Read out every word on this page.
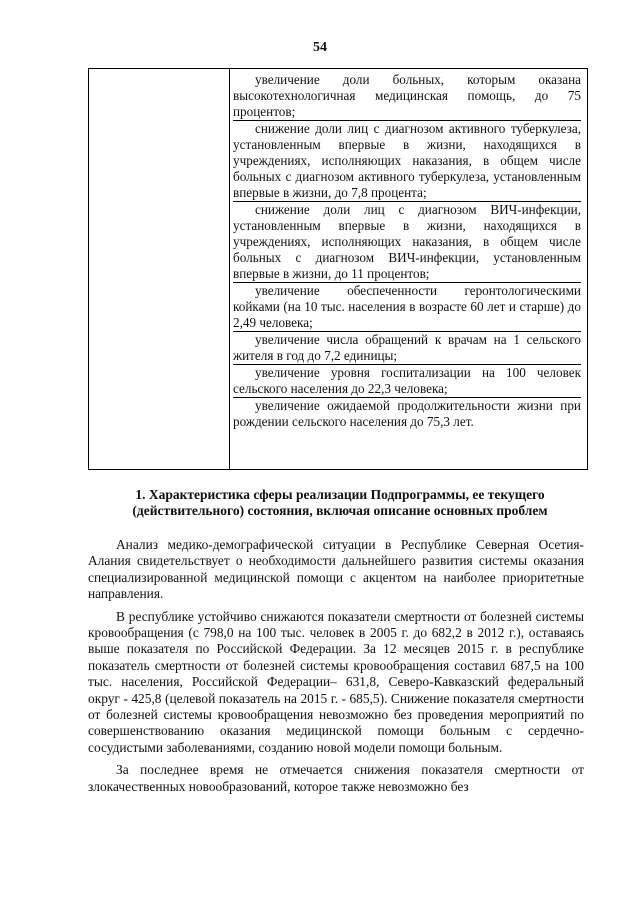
54

увеличение доли больных, которым оказана высокотехнологичная медицинская помощь, до 75 процентов;

снижение доли лиц с диагнозом активного туберкулеза, установленным впервые в жизни, находящихся в учреждениях, исполняющих наказания, в общем числе больных с диагнозом активного туберкулеза, установленным впервые в жизни, до 7,8 процента;

снижение доли лиц с диагнозом ВИЧ-инфекции, установленным впервые в жизни, находящихся в учреждениях, исполняющих наказания, в общем числе больных с диагнозом ВИЧ-инфекции, установленным впервые в жизни, до 11 процентов;

увеличение обеспеченности геронтологическими койками (на 10 тыс. населения в возрасте 60 лет и старше) до 2,49 человека;

увеличение числа обращений к врачам на 1 сельского жителя в год до 7,2 единицы;

увеличение уровня госпитализации на 100 человек сельского населения до 22,3 человека;

увеличение ожидаемой продолжительности жизни при рождении сельского населения до 75,3 лет.

1. Характеристика сферы реализации Подпрограммы, ее текущего (действительного) состояния, включая описание основных проблем

Анализ медико-демографической ситуации в Республике Северная Осетия-Алания свидетельствует о необходимости дальнейшего развития системы оказания специализированной медицинской помощи с акцентом на наиболее приоритетные направления.

В республике устойчиво снижаются показатели смертности от болезней системы кровообращения (с 798,0 на 100 тыс. человек в 2005 г. до 682,2 в 2012 г.), оставаясь выше показателя по Российской Федерации. За 12 месяцев 2015 г. в республике показатель смертности от болезней системы кровообращения составил 687,5 на 100 тыс. населения, Российской Федерации– 631,8, Северо-Кавказский федеральный округ - 425,8 (целевой показатель на 2015 г. - 685,5). Снижение показателя смертности от болезней системы кровообращения невозможно без проведения мероприятий по совершенствованию оказания медицинской помощи больным с сердечно-сосудистыми заболеваниями, созданию новой модели помощи больным.

За последнее время не отмечается снижения показателя смертности от злокачественных новообразований, которое также невозможно без
